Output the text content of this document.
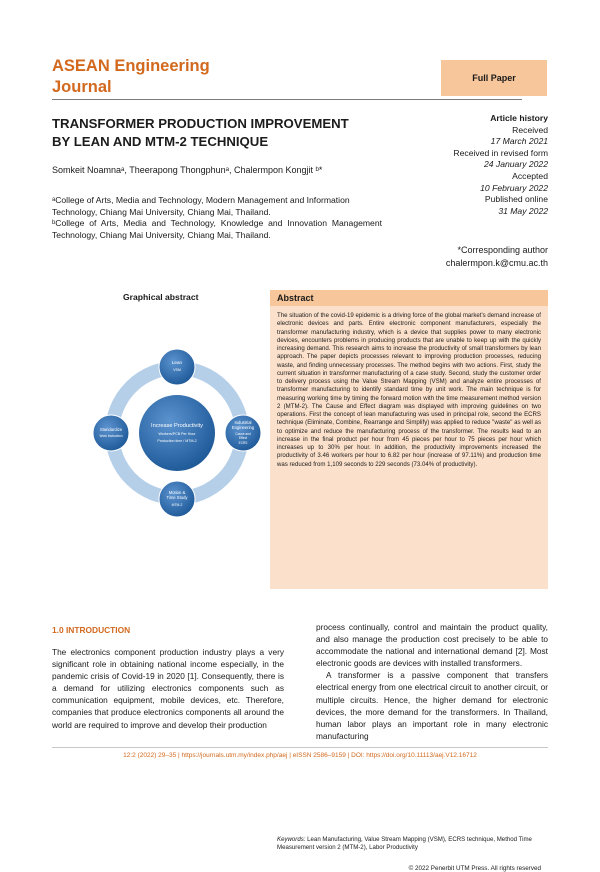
ASEAN Engineering
Journal	Full Paper
TRANSFORMER PRODUCTION IMPROVEMENT
BY LEAN AND MTM-2 TECHNIQUE
Somkeit Noamnaᵃ, Theerapong Thongphunᵃ, Chalermpon Kongjit ᵇ*
ᵃCollege of Arts, Media and Technology, Modern Management and Information Technology, Chiang Mai University, Chiang Mai, Thailand.
ᵇCollege of Arts, Media and Technology, Knowledge and Innovation Management Technology, Chiang Mai University, Chiang Mai, Thailand.
Article history
Received
17 March 2021
Received in revised form
24 January 2022
Accepted
10 February 2022
Published online
31 May 2022
*Corresponding author
chalermpon.k@cmu.ac.th
Graphical abstract
Increase Productivity
Workers/PCB Per Hour
Production time / MTM-2
Lean
VSM
Industrial
Engineering
Cause and
Effect
ECRS
Motion &
Time Study
MTM-2
Standardize
Work Instruction
Abstract
The situation of the covid-19 epidemic is a driving force of the global market's demand increase of electronic devices and parts. Entire electronic component manufacturers, especially the transformer manufacturing industry, which is a device that supplies power to many electronic devices, encounters problems in producing products that are unable to keep up with the quickly increasing demand. This research aims to increase the productivity of small transformers by lean approach. The paper depicts processes relevant to improving production processes, reducing waste, and finding unnecessary processes. The method begins with two actions. First, study the current situation in transformer manufacturing of a case study. Second, study the customer order to delivery process using the Value Stream Mapping (VSM) and analyze entire processes of transformer manufacturing to identify standard time by unit work. The main technique is for measuring working time by timing the forward motion with the time measurement method version 2 (MTM-2). The Cause and Effect diagram was displayed with improving guidelines on two operations. First the concept of lean manufacturing was used in principal role, second the ECRS technique (Eliminate, Combine, Rearrange and Simplify) was applied to reduce "waste" as well as to optimize and reduce the manufacturing process of the transformer. The results lead to an increase in the final product per hour from 45 pieces per hour to 75 pieces per hour which increases up to 30% per hour. In addition, the productivity improvements increased the productivity of 3.46 workers per hour to 6.82 per hour (increase of 97.11%) and production time was reduced from 1,109 seconds to 229 seconds (73.04% of productivity).
Keywords: Lean Manufacturing, Value Stream Mapping (VSM), ECRS technique, Method Time Measurement version 2 (MTM-2), Labor Productivity
© 2022 Penerbit UTM Press. All rights reserved
1.0 INTRODUCTION

The electronics component production industry plays a very significant role in obtaining national income especially, in the pandemic crisis of Covid-19 in 2020 [1]. Consequently, there is a demand for utilizing electronics components such as communication equipment, mobile devices, etc. Therefore, companies that produce electronics components all around the world are required to improve and develop their production

process continually, control and maintain the product quality, and also manage the production cost precisely to be able to accommodate the national and international demand [2]. Most electronic goods are devices with installed transformers.

A transformer is a passive component that transfers electrical energy from one electrical circuit to another circuit, or multiple circuits. Hence, the higher demand for electronic devices, the more demand for the transformers. In Thailand, human labor plays an important role in many electronic manufacturing

12:2 (2022) 29–35 | https://journals.utm.my/index.php/aej | eISSN 2586–9159 | DOI: https://doi.org/10.11113/aej.V12.16712
